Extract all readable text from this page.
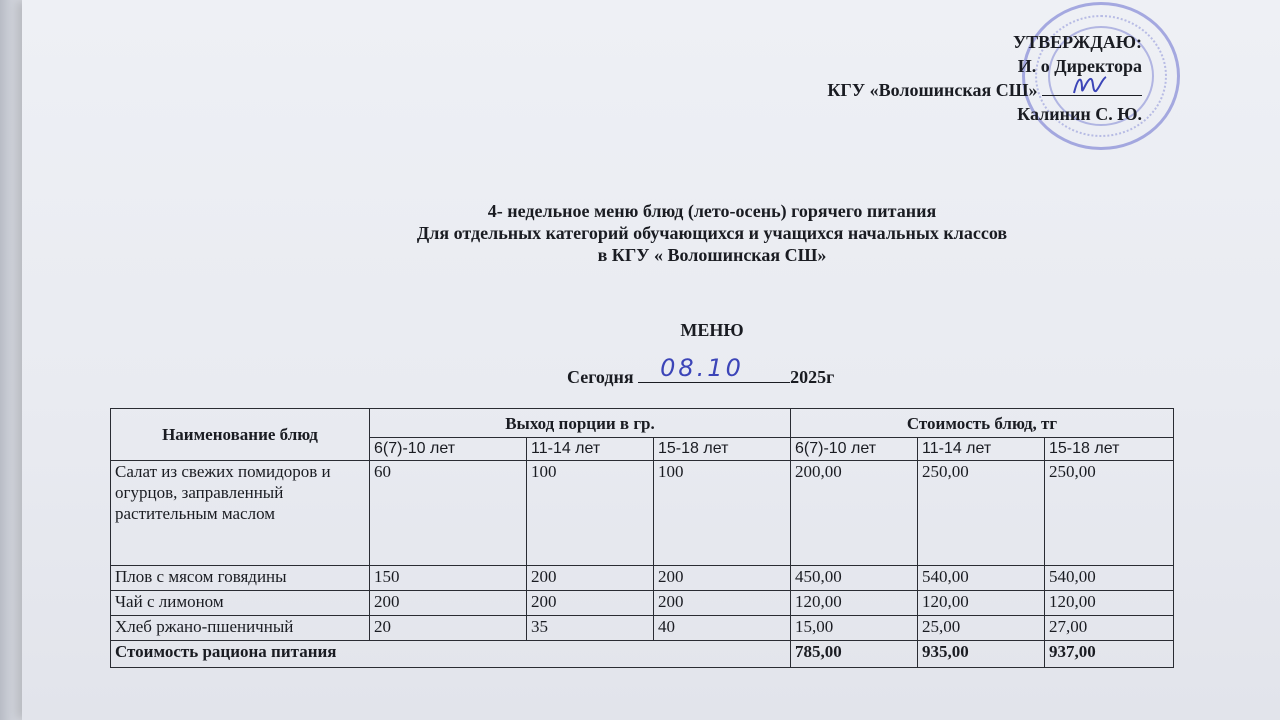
УТВЕРЖДАЮ:
И. о Директора
КГУ «Волошинская СШ»
Калинин С. Ю.
4- недельное меню блюд (лето-осень) горячего питания
Для отдельных категорий обучающихся и учащихся начальных классов
в КГУ « Волошинская СШ»
МЕНЮ
Сегодня 08.10	2025г
Наименование блюд	Выход порции в гр.			Стоимость блюд, тг		
	6(7)-10 лет	11-14 лет	15-18 лет	6(7)-10 лет	11-14 лет	15-18 лет
Салат из свежих помидоров и огурцов, заправленный растительным маслом	60	100	100	200,00	250,00	250,00
Плов с мясом говядины	150	200	200	450,00	540,00	540,00
Чай с лимоном	200	200	200	120,00	120,00	120,00
Хлеб ржано-пшеничный	20	35	40	15,00	25,00	27,00
Стоимость рациона питания				785,00	935,00	937,00
